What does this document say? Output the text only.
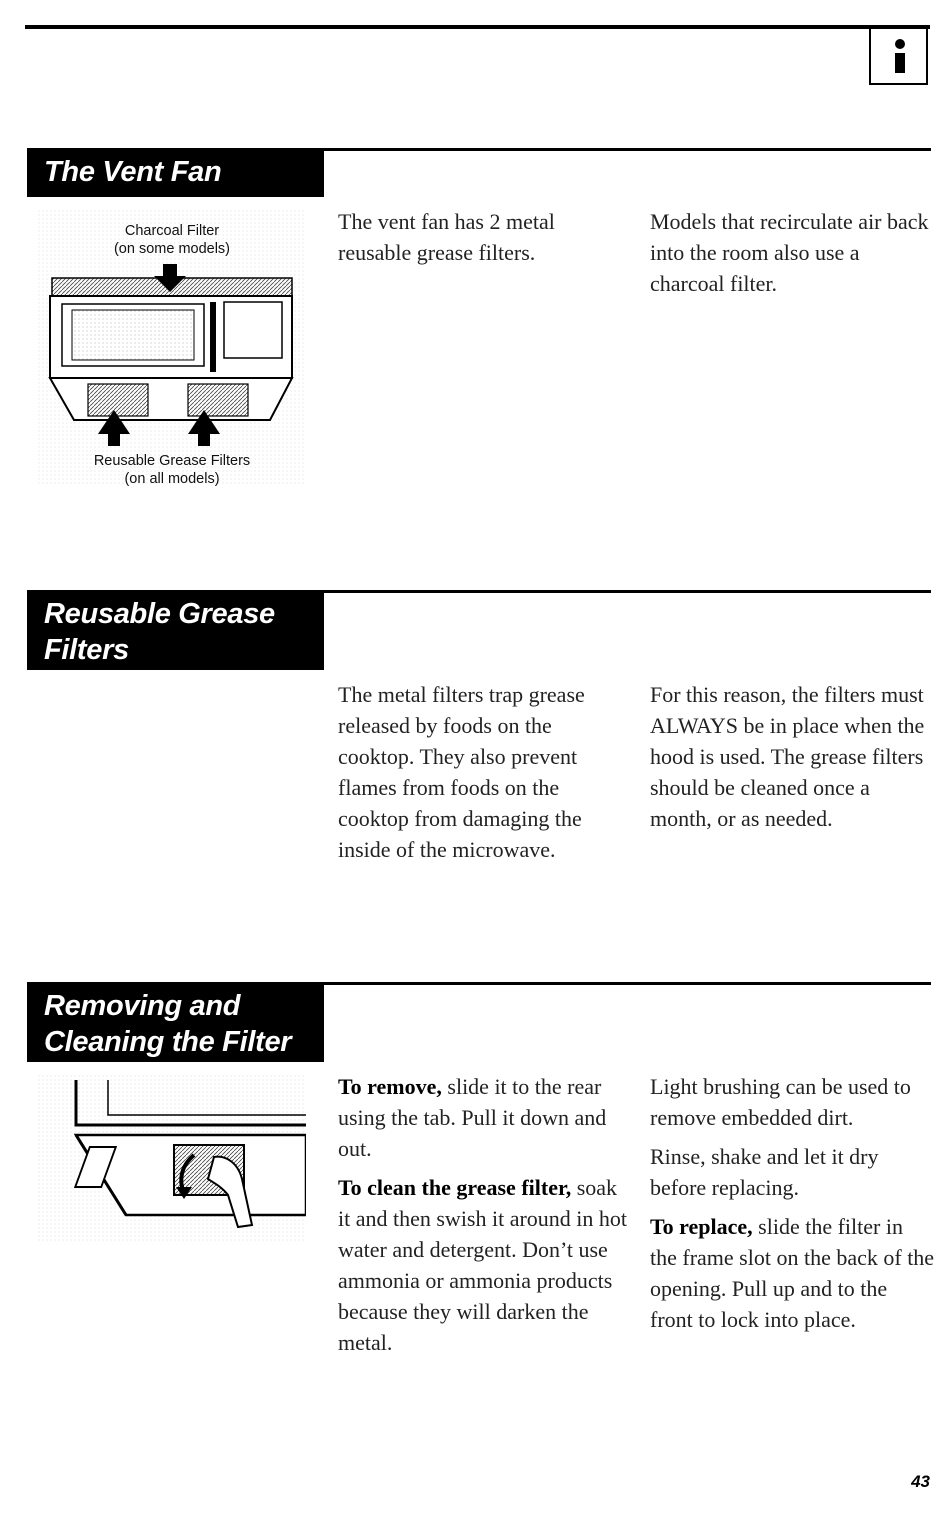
The Vent Fan
Charcoal Filter
(on some models)
Reusable Grease Filters
(on all models)

The vent fan has 2 metal reusable grease filters.

Models that recirculate air back into the room also use a charcoal filter.

Reusable Grease
Filters

The metal filters trap grease released by foods on the cooktop. They also prevent flames from foods on the cooktop from damaging the inside of the microwave.

For this reason, the filters must ALWAYS be in place when the hood is used. The grease filters should be cleaned once a month, or as needed.

Removing and
Cleaning the Filter

To remove, slide it to the rear using the tab. Pull it down and out.

To clean the grease filter, soak it and then swish it around in hot water and detergent. Don’t use ammonia or ammonia products because they will darken the metal.

Light brushing can be used to remove embedded dirt.

Rinse, shake and let it dry before replacing.

To replace, slide the filter in the frame slot on the back of the opening. Pull up and to the front to lock into place.

43
